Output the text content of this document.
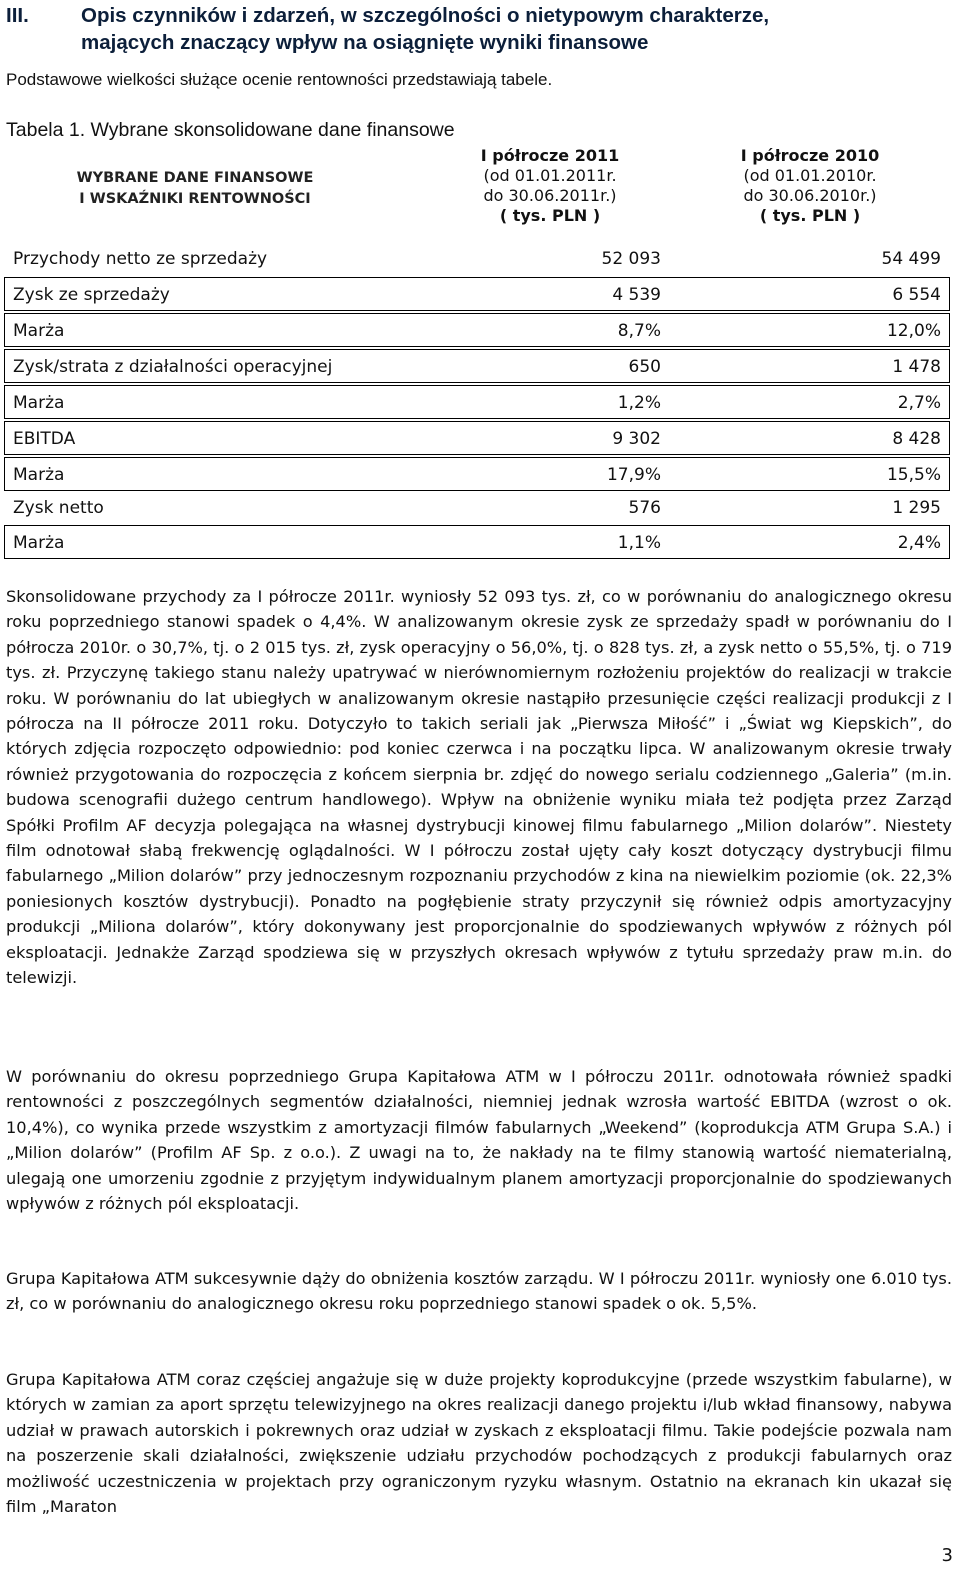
III.	Opis czynników i zdarzeń, w szczególności o nietypowym charakterze,
mających znaczący wpływ na osiągnięte wyniki finansowe
Podstawowe wielkości służące ocenie rentowności przedstawiają tabele.
Tabela 1. Wybrane skonsolidowane dane finansowe
WYBRANE DANE FINANSOWE
I WSKAŹNIKI RENTOWNOŚCI
I półrocze 2011
(od 01.01.2011r.
do 30.06.2011r.)
( tys. PLN )
I półrocze 2010
(od 01.01.2010r.
do 30.06.2010r.)
( tys. PLN )
Przychody netto ze sprzedaży	52 093	54 499
Zysk ze sprzedaży	4 539	6 554
Marża	8,7%	12,0%
Zysk/strata z działalności operacyjnej	650	1 478
Marża	1,2%	2,7%
EBITDA	9 302	8 428
Marża	17,9%	15,5%
Zysk netto	576	1 295
Marża	1,1%	2,4%
Skonsolidowane przychody za I półrocze 2011r. wyniosły 52 093 tys. zł, co w porównaniu do analogicznego okresu roku poprzedniego stanowi spadek o 4,4%. W analizowanym okresie zysk ze sprzedaży spadł w porównaniu do I półrocza 2010r. o 30,7%, tj. o 2 015 tys. zł, zysk operacyjny o 56,0%, tj. o 828 tys. zł, a zysk netto o 55,5%, tj. o 719 tys. zł. Przyczynę takiego stanu należy upatrywać w nierównomiernym rozłożeniu projektów do realizacji w trakcie roku. W porównaniu do lat ubiegłych w analizowanym okresie nastąpiło przesunięcie części realizacji produkcji z I półrocza na II półrocze 2011 roku. Dotyczyło to takich seriali jak „Pierwsza Miłość” i „Świat wg Kiepskich”, do których zdjęcia rozpoczęto odpowiednio: pod koniec czerwca i na początku lipca. W analizowanym okresie trwały również przygotowania do rozpoczęcia z końcem sierpnia br. zdjęć do nowego serialu codziennego „Galeria” (m.in. budowa scenografii dużego centrum handlowego). Wpływ na obniżenie wyniku miała też podjęta przez Zarząd Spółki Profilm AF decyzja polegająca na własnej dystrybucji kinowej filmu fabularnego „Milion dolarów”. Niestety film odnotował słabą frekwencję oglądalności. W I półroczu został ujęty cały koszt dotyczący dystrybucji filmu fabularnego „Milion dolarów” przy jednoczesnym rozpoznaniu przychodów z kina na niewielkim poziomie (ok. 22,3% poniesionych kosztów dystrybucji). Ponadto na pogłębienie straty przyczynił się również odpis amortyzacyjny produkcji „Miliona dolarów”, który dokonywany jest proporcjonalnie do spodziewanych wpływów z różnych pól eksploatacji. Jednakże Zarząd spodziewa się w przyszłych okresach wpływów z tytułu sprzedaży praw m.in. do telewizji.
W porównaniu do okresu poprzedniego Grupa Kapitałowa ATM w I półroczu 2011r. odnotowała również spadki rentowności z poszczególnych segmentów działalności, niemniej jednak wzrosła wartość EBITDA (wzrost o ok. 10,4%), co wynika przede wszystkim z amortyzacji filmów fabularnych „Weekend” (koprodukcja ATM Grupa S.A.) i „Milion dolarów” (Profilm AF Sp. z o.o.). Z uwagi na to, że nakłady na te filmy stanowią wartość niematerialną, ulegają one umorzeniu zgodnie z przyjętym indywidualnym planem amortyzacji proporcjonalnie do spodziewanych wpływów z różnych pól eksploatacji.
Grupa Kapitałowa ATM sukcesywnie dąży do obniżenia kosztów zarządu. W I półroczu 2011r. wyniosły one 6.010 tys. zł, co w porównaniu do analogicznego okresu roku poprzedniego stanowi spadek o ok. 5,5%.
Grupa Kapitałowa ATM coraz częściej angażuje się w duże projekty koprodukcyjne (przede wszystkim fabularne), w których w zamian za aport sprzętu telewizyjnego na okres realizacji danego projektu i/lub wkład finansowy, nabywa udział w prawach autorskich i pokrewnych oraz udział w zyskach z eksploatacji filmu. Takie podejście pozwala nam na poszerzenie skali działalności, zwiększenie udziału przychodów pochodzących z produkcji fabularnych oraz możliwość uczestniczenia w projektach przy ograniczonym ryzyku własnym. Ostatnio na ekranach kin ukazał się film „Maraton
3
